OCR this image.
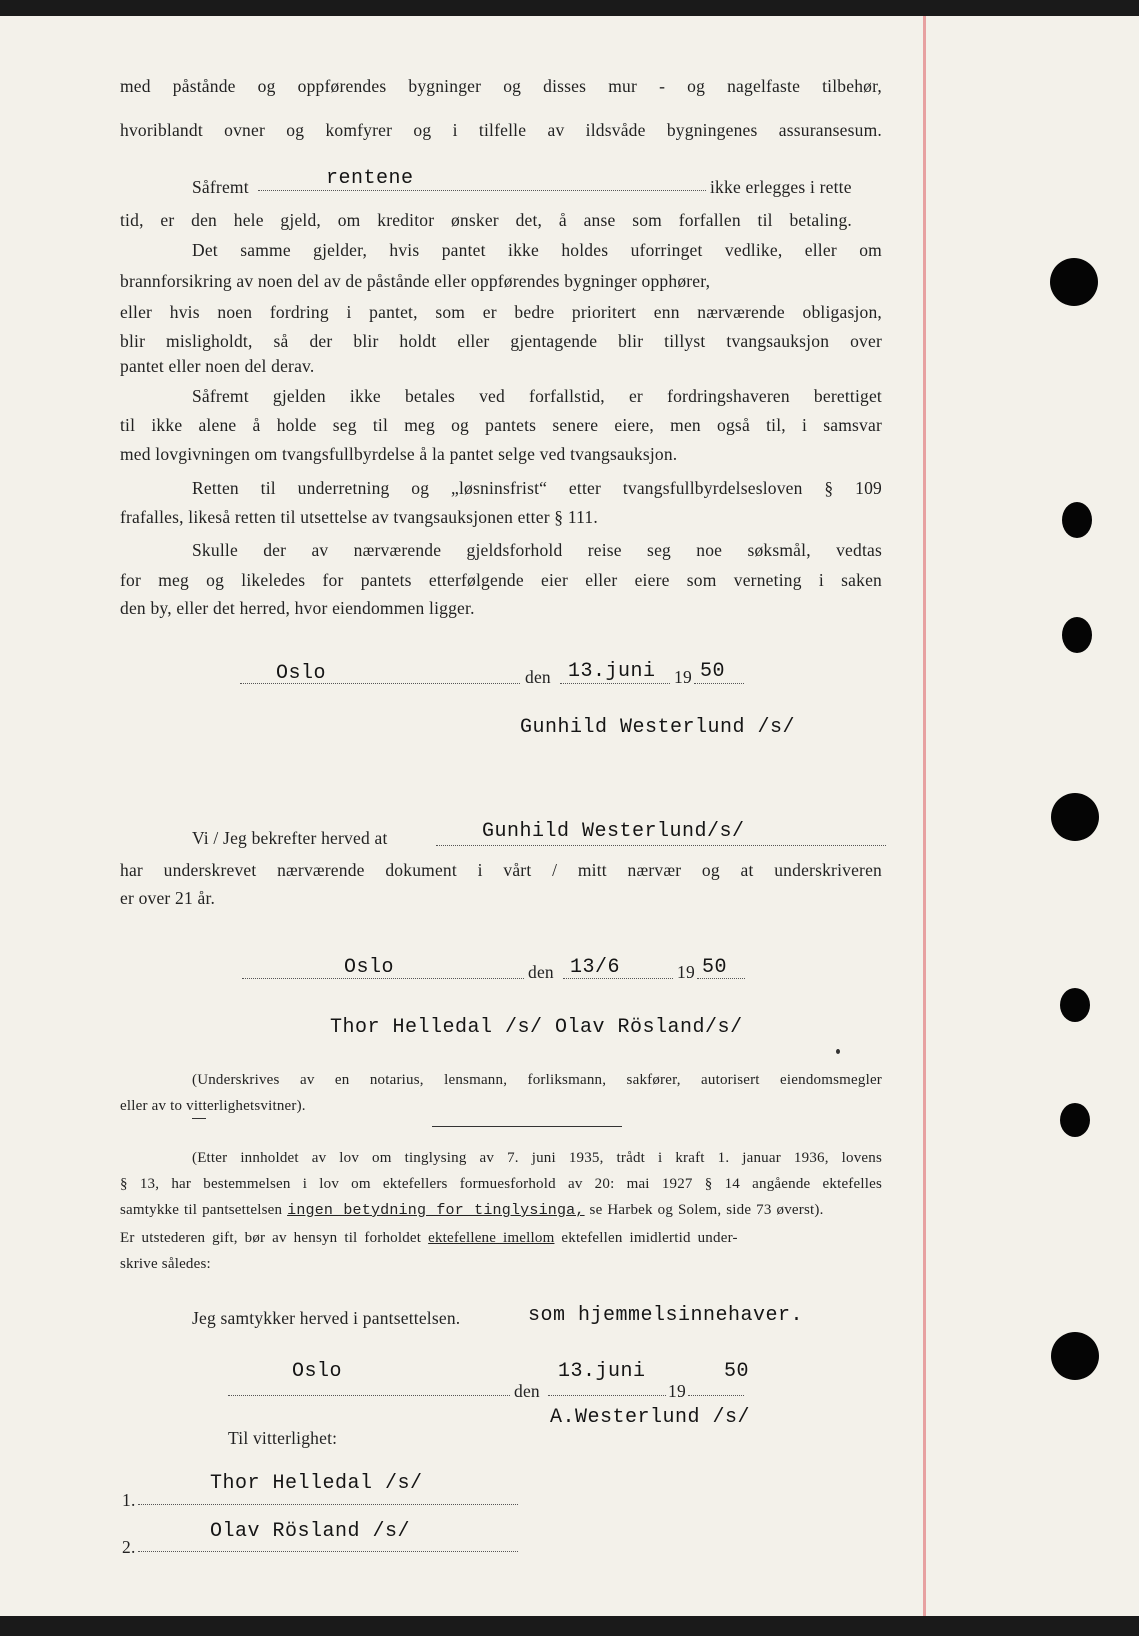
med påstånde og oppførendes bygninger og disses mur - og nagelfaste tilbehør,
hvoriblandt ovner og komfyrer og i tilfelle av ildsvåde bygningenes assuransesum.
Såfremt	rentene	ikke erlegges i rette
tid, er den hele gjeld, om kreditor ønsker det, å anse som forfallen til betaling.
Det samme gjelder, hvis pantet ikke holdes uforringet vedlike, eller om
brannforsikring av noen del av de påstånde eller oppførendes bygninger opphører,
eller hvis noen fordring i pantet, som er bedre prioritert enn nærværende obligasjon,
blir misligholdt, så der blir holdt eller gjentagende blir tillyst tvangsauksjon over
pantet eller noen del derav.
Såfremt gjelden ikke betales ved forfallstid, er fordringshaveren berettiget
til ikke alene å holde seg til meg og pantets senere eiere, men også til, i samsvar
med lovgivningen om tvangsfullbyrdelse å la pantet selge ved tvangsauksjon.
Retten til underretning og „løsninsfrist“ etter tvangsfullbyrdelsesloven § 109
frafalles, likeså retten til utsettelse av tvangsauksjonen etter § 111.
Skulle der av nærværende gjeldsforhold reise seg noe søksmål, vedtas
for meg og likeledes for pantets etterfølgende eier eller eiere som verneting i saken
den by, eller det herred, hvor eiendommen ligger.
Oslo	den 13.juni 19 50
Gunhild Westerlund /s/
Vi / Jeg bekrefter herved at	Gunhild Westerlund/s/
har underskrevet nærværende dokument i vårt / mitt nærvær og at underskriveren
er over 21 år.
Oslo	den 13/6	19 50
Thor Helledal /s/ Olav Rösland/s/
(Underskrives av en notarius, lensmann, forliksmann, sakfører, autorisert eiendomsmegler
eller av to vitterlighetsvitner).
(Etter innholdet av lov om tinglysing av 7. juni 1935, trådt i kraft 1. januar 1936, lovens
§ 13, har bestemmelsen i lov om ektefellers formuesforhold av 20: mai 1927 § 14 angående ektefelles
samtykke til pantsettelsen ingen betydning for tinglysinga, se Harbek og Solem, side 73 øverst).
Er utstederen gift, bør av hensyn til forholdet ektefellene imellom ektefellen imidlertid under-
skrive således:
Jeg samtykker herved i pantsettelsen.	som hjemmelsinnehaver.
Oslo
den
13.juni
19
50
A.Westerlund /s/
Til vitterlighet:
1.
Thor Helledal /s/
2.
Olav Rösland /s/
